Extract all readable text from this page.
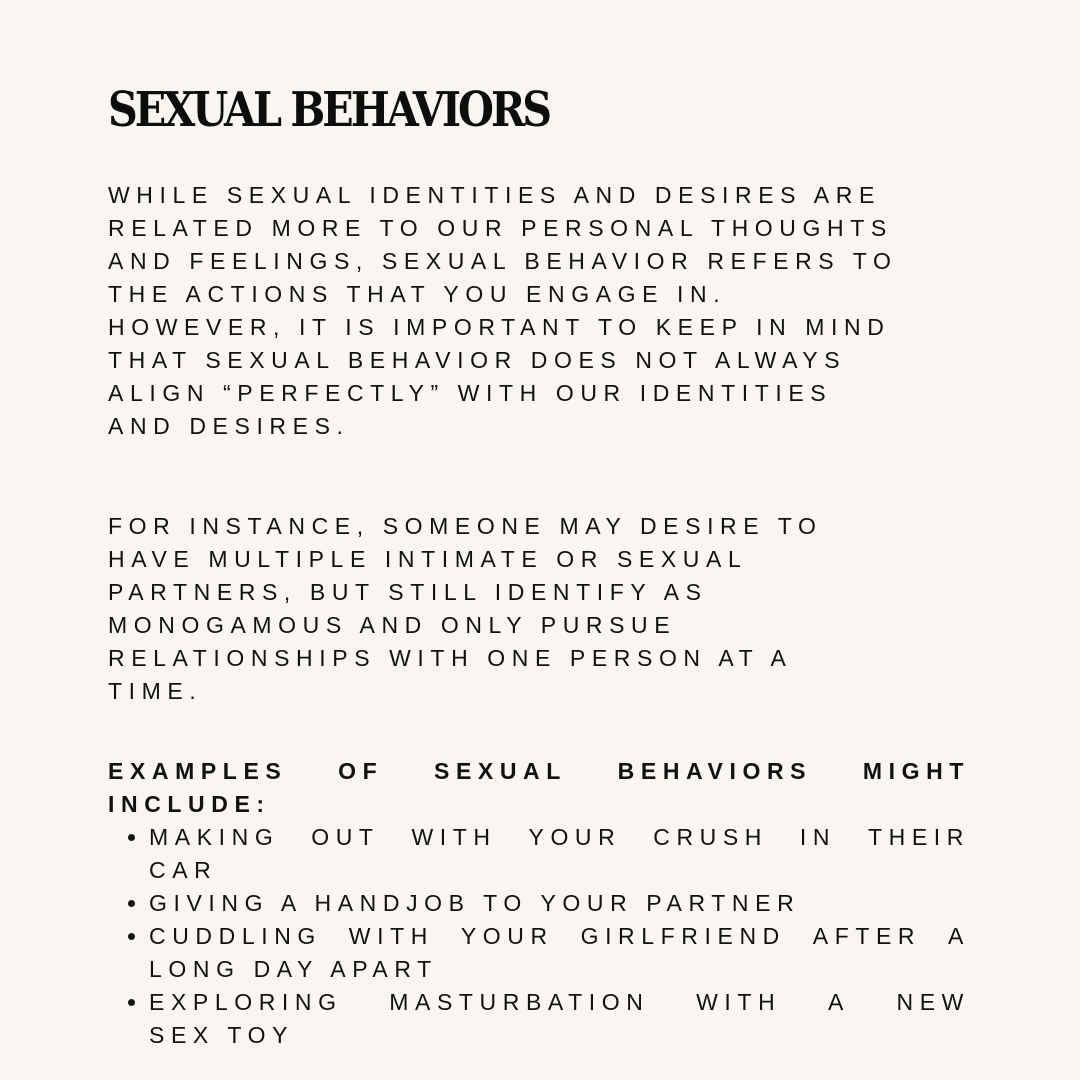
SEXUAL BEHAVIORS
WHILE SEXUAL IDENTITIES AND DESIRES ARE
RELATED MORE TO OUR PERSONAL THOUGHTS
AND FEELINGS, SEXUAL BEHAVIOR REFERS TO
THE ACTIONS THAT YOU ENGAGE IN.
HOWEVER, IT IS IMPORTANT TO KEEP IN MIND
THAT SEXUAL BEHAVIOR DOES NOT ALWAYS
ALIGN “PERFECTLY” WITH OUR IDENTITIES
AND DESIRES.
FOR INSTANCE, SOMEONE MAY DESIRE TO
HAVE MULTIPLE INTIMATE OR SEXUAL
PARTNERS, BUT STILL IDENTIFY AS
MONOGAMOUS AND ONLY PURSUE
RELATIONSHIPS WITH ONE PERSON AT A
TIME.
EXAMPLES OF SEXUAL BEHAVIORS MIGHT
INCLUDE:
MAKING OUT WITH YOUR CRUSH IN THEIR
CAR
GIVING A HANDJOB TO YOUR PARTNER
CUDDLING WITH YOUR GIRLFRIEND AFTER A
LONG DAY APART
EXPLORING MASTURBATION WITH A NEW
SEX TOY
